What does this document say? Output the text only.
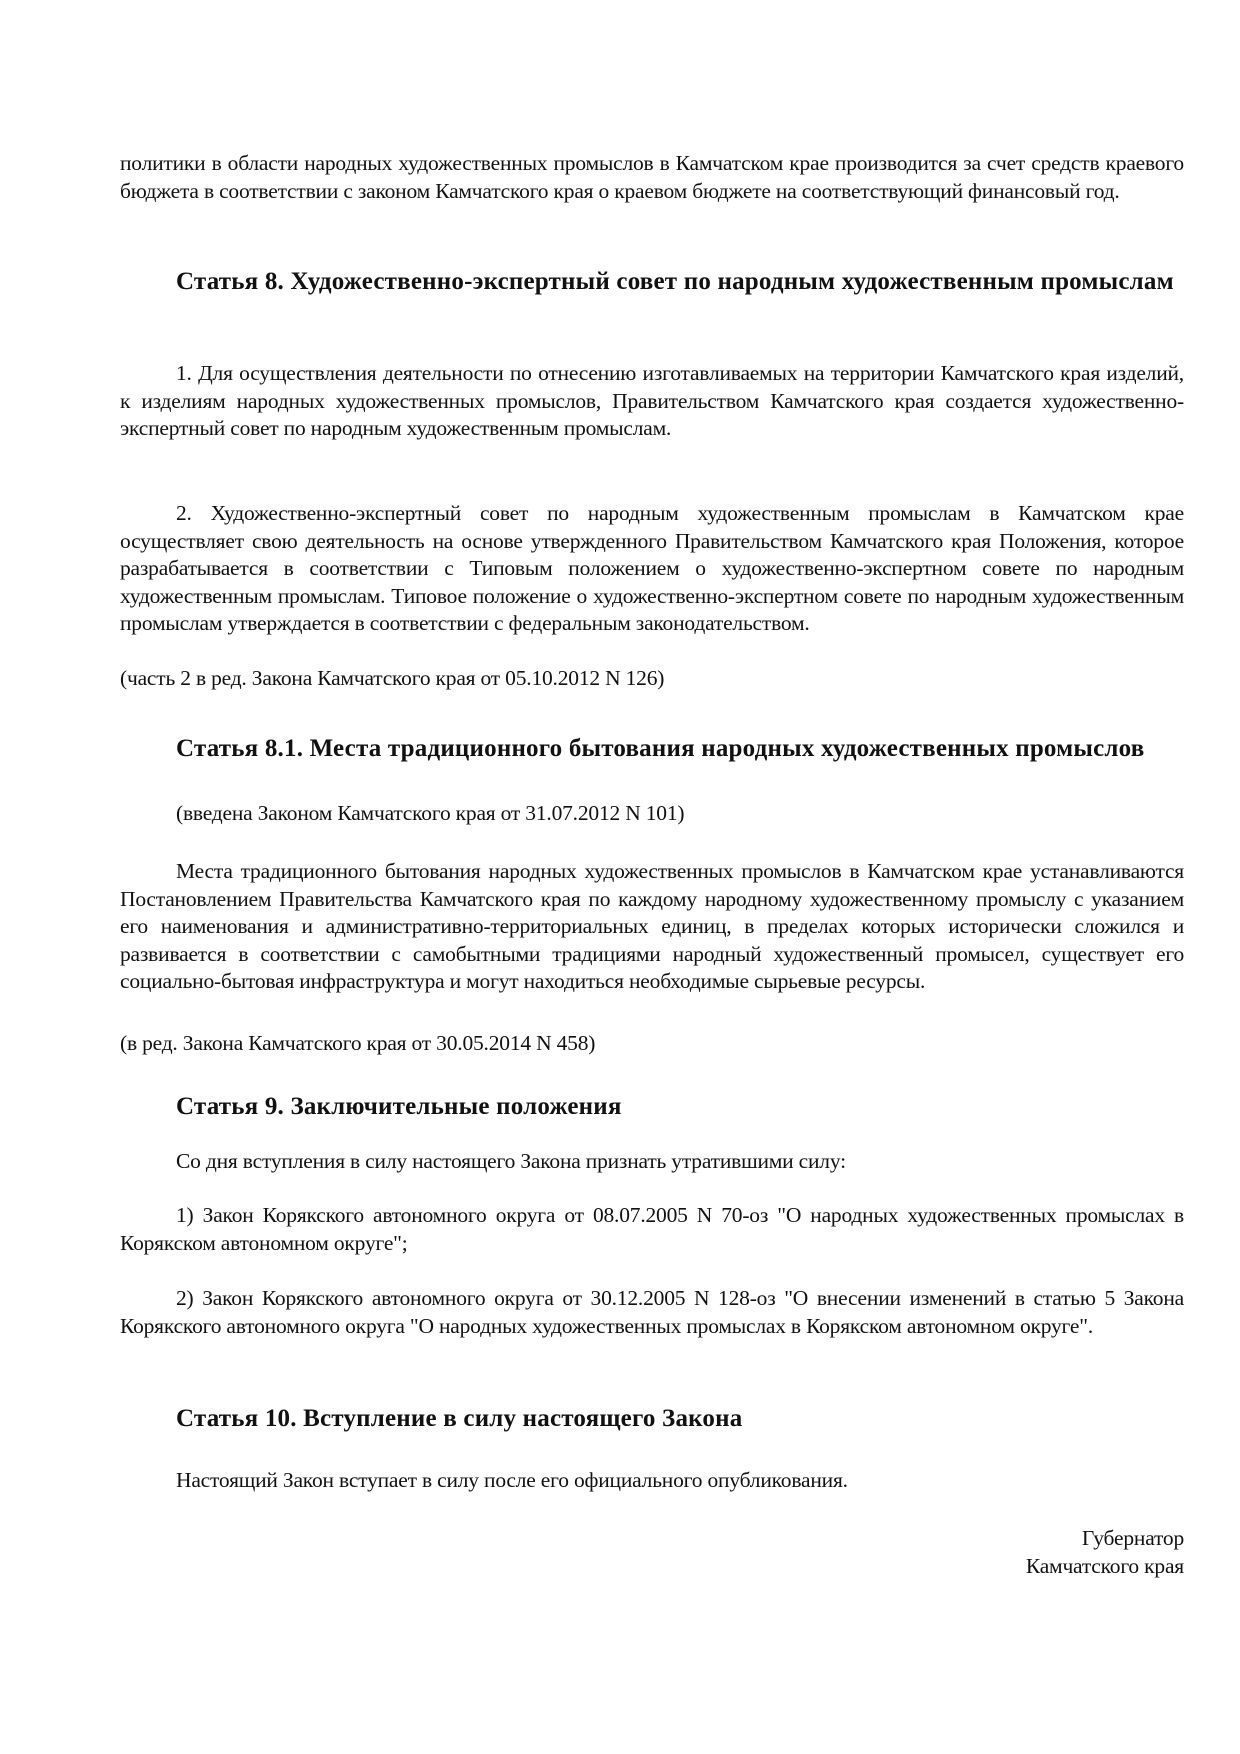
политики в области народных художественных промыслов в Камчатском крае производится за счет средств краевого бюджета в соответствии с законом Камчатского края о краевом бюджете на соответствующий финансовый год.

Статья 8. Художественно-экспертный совет по народным художественным промыслам
1. Для осуществления деятельности по отнесению изготавливаемых на территории Камчатского края изделий, к изделиям народных художественных промыслов, Правительством Камчатского края создается художественно-экспертный совет по народным художественным промыслам.
2. Художественно-экспертный совет по народным художественным промыслам в Камчатском крае осуществляет свою деятельность на основе утвержденного Правительством Камчатского края Положения, которое разрабатывается в соответствии с Типовым положением о художественно-экспертном совете по народным художественным промыслам. Типовое положение о художественно-экспертном совете по народным художественным промыслам утверждается в соответствии с федеральным законодательством.
(часть 2 в ред. Закона Камчатского края от 05.10.2012 N 126)
Статья 8.1. Места традиционного бытования народных художественных промыслов
(введена Законом Камчатского края от 31.07.2012 N 101)
Места традиционного бытования народных художественных промыслов в Камчатском крае устанавливаются Постановлением Правительства Камчатского края по каждому народному художественному промыслу с указанием его наименования и административно-территориальных единиц, в пределах которых исторически сложился и развивается в соответствии с самобытными традициями народный художественный промысел, существует его социально-бытовая инфраструктура и могут находиться необходимые сырьевые ресурсы.
(в ред. Закона Камчатского края от 30.05.2014 N 458)
Статья 9. Заключительные положения
Со дня вступления в силу настоящего Закона признать утратившими силу:
1) Закон Корякского автономного округа от 08.07.2005 N 70-оз "О народных художественных промыслах в Корякском автономном округе";
2) Закон Корякского автономного округа от 30.12.2005 N 128-оз "О внесении изменений в статью 5 Закона Корякского автономного округа "О народных художественных промыслах в Корякском автономном округе".
Статья 10. Вступление в силу настоящего Закона
Настоящий Закон вступает в силу после его официального опубликования.

Губернатор

Камчатского края
